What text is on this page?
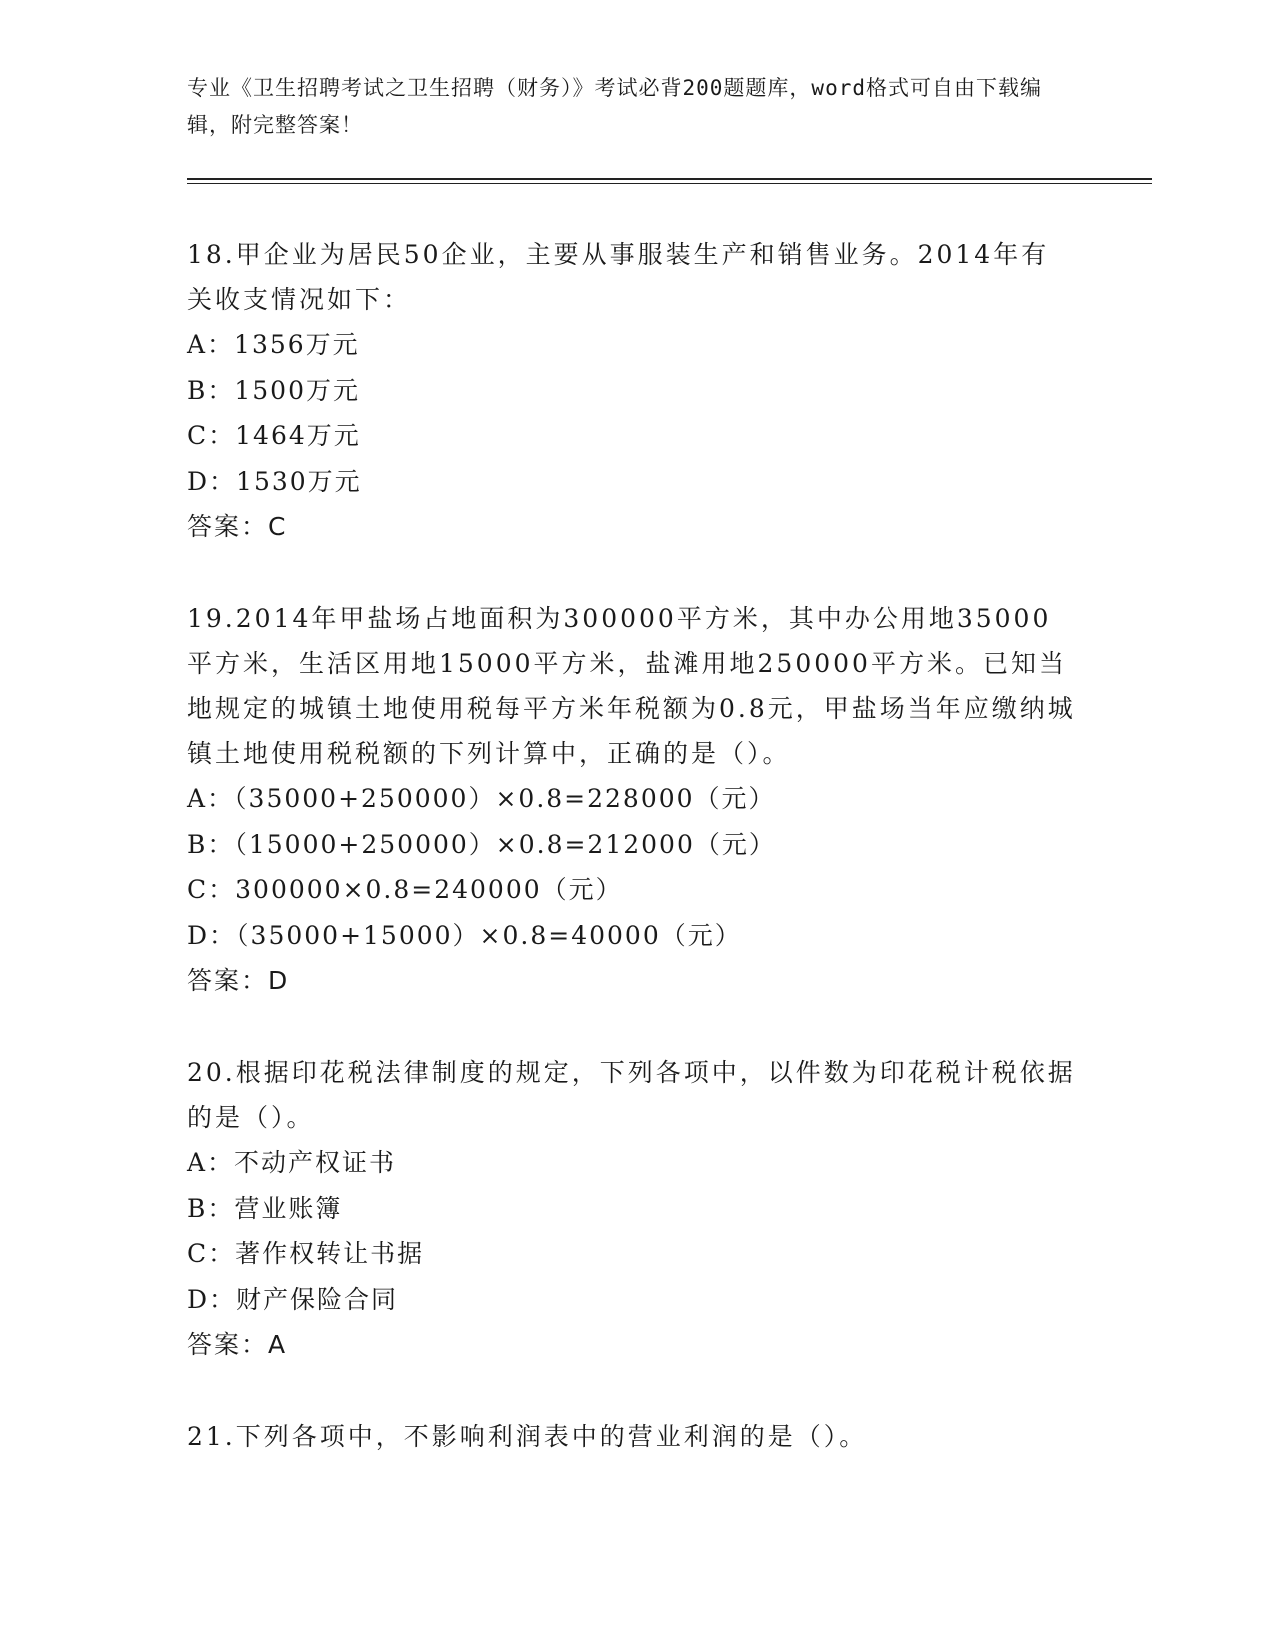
专业《卫生招聘考试之卫生招聘（财务）》考试必背200题题库，word格式可自由下载编辑，附完整答案！

18.甲企业为居民50企业，主要从事服装生产和销售业务。2014年有关收支情况如下：

A：1356万元

B：1500万元

C：1464万元

D：1530万元

答案：C

19.2014年甲盐场占地面积为300000平方米，其中办公用地35000平方米，生活区用地15000平方米，盐滩用地250000平方米。已知当地规定的城镇土地使用税每平方米年税额为0.8元，甲盐场当年应缴纳城镇土地使用税税额的下列计算中，正确的是（）。

A：（35000+250000）×0.8=228000（元）

B：（15000+250000）×0.8=212000（元）

C：300000×0.8=240000（元）

D：（35000+15000）×0.8=40000（元）

答案：D

20.根据印花税法律制度的规定，下列各项中，以件数为印花税计税依据的是（）。

A：不动产权证书

B：营业账簿

C：著作权转让书据

D：财产保险合同

答案：A

21.下列各项中，不影响利润表中的营业利润的是（）。
